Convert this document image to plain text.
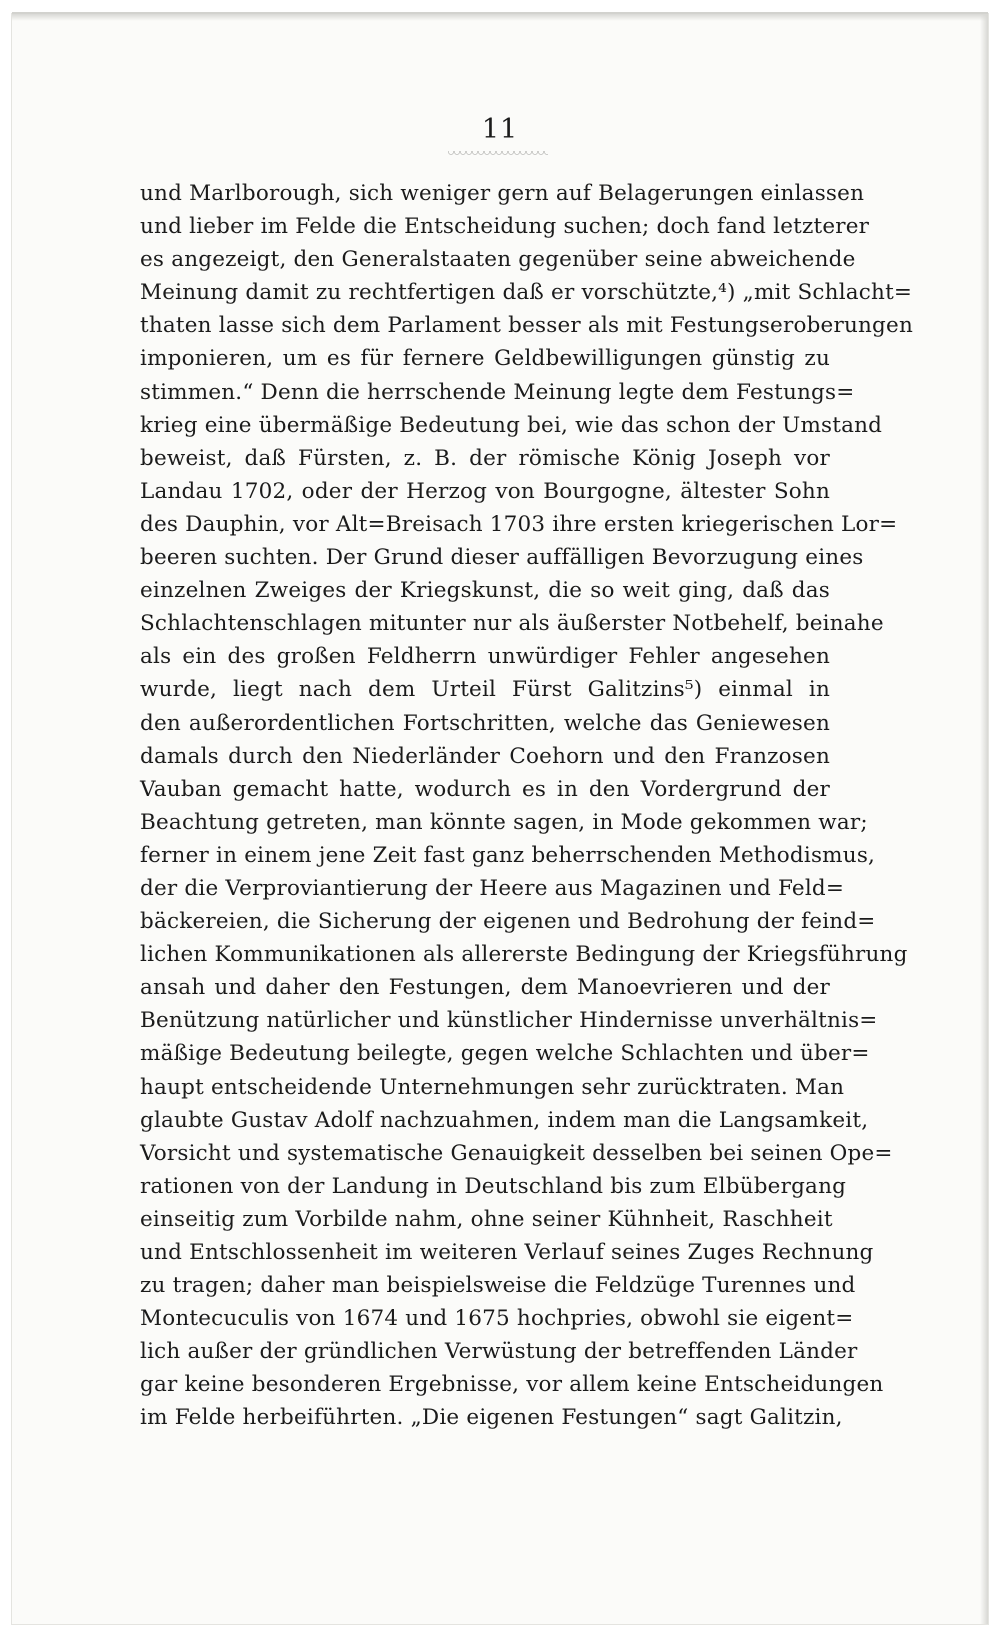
11
und Marlborough, sich weniger gern auf Belagerungen einlassen
und lieber im Felde die Entscheidung suchen; doch fand letzterer
es angezeigt, den Generalstaaten gegenüber seine abweichende
Meinung damit zu rechtfertigen daß er vorschützte,⁴) „mit Schlacht=
thaten lasse sich dem Parlament besser als mit Festungseroberungen
imponieren, um es für fernere Geldbewilligungen günstig zu
stimmen.“ Denn die herrschende Meinung legte dem Festungs=
krieg eine übermäßige Bedeutung bei, wie das schon der Umstand
beweist, daß Fürsten, z. B. der römische König Joseph vor
Landau 1702, oder der Herzog von Bourgogne, ältester Sohn
des Dauphin, vor Alt=Breisach 1703 ihre ersten kriegerischen Lor=
beeren suchten. Der Grund dieser auffälligen Bevorzugung eines
einzelnen Zweiges der Kriegskunst, die so weit ging, daß das
Schlachtenschlagen mitunter nur als äußerster Notbehelf, beinahe
als ein des großen Feldherrn unwürdiger Fehler angesehen
wurde, liegt nach dem Urteil Fürst Galitzins⁵) einmal in
den außerordentlichen Fortschritten, welche das Geniewesen
damals durch den Niederländer Coehorn und den Franzosen
Vauban gemacht hatte, wodurch es in den Vordergrund der
Beachtung getreten, man könnte sagen, in Mode gekommen war;
ferner in einem jene Zeit fast ganz beherrschenden Methodismus,
der die Verproviantierung der Heere aus Magazinen und Feld=
bäckereien, die Sicherung der eigenen und Bedrohung der feind=
lichen Kommunikationen als allererste Bedingung der Kriegsführung
ansah und daher den Festungen, dem Manoevrieren und der
Benützung natürlicher und künstlicher Hindernisse unverhältnis=
mäßige Bedeutung beilegte, gegen welche Schlachten und über=
haupt entscheidende Unternehmungen sehr zurücktraten. Man
glaubte Gustav Adolf nachzuahmen, indem man die Langsamkeit,
Vorsicht und systematische Genauigkeit desselben bei seinen Ope=
rationen von der Landung in Deutschland bis zum Elbübergang
einseitig zum Vorbilde nahm, ohne seiner Kühnheit, Raschheit
und Entschlossenheit im weiteren Verlauf seines Zuges Rechnung
zu tragen; daher man beispielsweise die Feldzüge Turennes und
Montecuculis von 1674 und 1675 hochpries, obwohl sie eigent=
lich außer der gründlichen Verwüstung der betreffenden Länder
gar keine besonderen Ergebnisse, vor allem keine Entscheidungen
im Felde herbeiführten. „Die eigenen Festungen“ sagt Galitzin,
